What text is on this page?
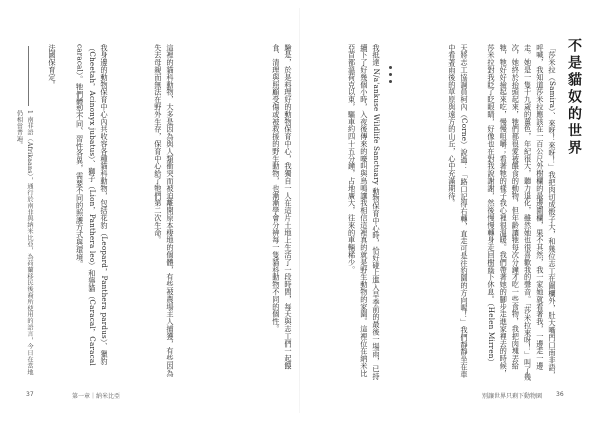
不是貓奴的世界
「莎米拉（Samira）、來呀！來呀！」我把肉切成骰子大，和幾位志工在圍欄外，肚大嘴門口南非語，呼喊，我知道莎米拉應該在一百公尺外樹欄的最邊圍欄，果不其然，我一家她就看著我，一邊走一邊走。她是一隻十九歲的薑色，年紀很大，聽力退化，雖然她也很喜歡我的聲音。「莎米拉來呀！」叫了幾次，她終於抬頭起來，牠們都很愛被餵食的動物，但年齡讓牠每次分鐘才吃一些食物，我把肉塊丟給牠，牠好好撿起來吃，慢慢咀嚼；看著牠的樣子我心裡很溫暖。我們帶著她的腳步走進家裡去的時候，莎米拉對我眨了眨眼睛，好像也在對我說謝謝，然後慢慢轉身走回樹蔭下休息。（Helen Mirren）
我抵達 N/a'ankuse Wildlife Sanctuary 動物保育中心時，恰好碰上進入旱季前的最後一場雨，已持續下了好幾個小時，入夜後傳來的嚎叫與鳥鳴讓我相信這裡真的就是野生動物的家園。這裡位在納米比亞首都溫荷克以東，驅車約四十五分鐘，占地廣大，往來的車輛稀少。	天將志工協調員柯內（Corne）說過：「路口記得右轉，直走可是往豹園的方向喔！」我們靜靜坐在車中看著雨後的草原與遠方的山丘，心中充滿期待。
別讓世界只剩下動物園 36
驗是，於是料理好的動物保育中心，我獨自一人在這片土地上生活了一段時間，每天與志工們一起餵食、清理與照顧受傷或被救援的野生動物，也漸漸學會分辨每一隻貓科動物不同的個性。
這裡的貓科動物，大多是因為與人類衝突而被迫離開原本棲地的個體，有些被農場主人捕獲，有些因為失去母親而無法在野外生存，保育中心給了牠們第二次生命。
我身邊的動物保育中心內共收容各種貓科動物，包括花豹（Leopard，Panthera pardus）、獵豹（Cheetah，Acinonyx jubatus）、獅子（Lion，Panthera leo）和獰貓（Caracal，Caracal caracal）。牠們體型不同、習性各異，需要不同的照護方式與環境。
法國保育定。
1 南非語（Afrikaans），通行於南非與納米比亞，為荷蘭移民後裔所使用的語言，今日在當地仍相當普遍。
37	第一章｜納米比亞
